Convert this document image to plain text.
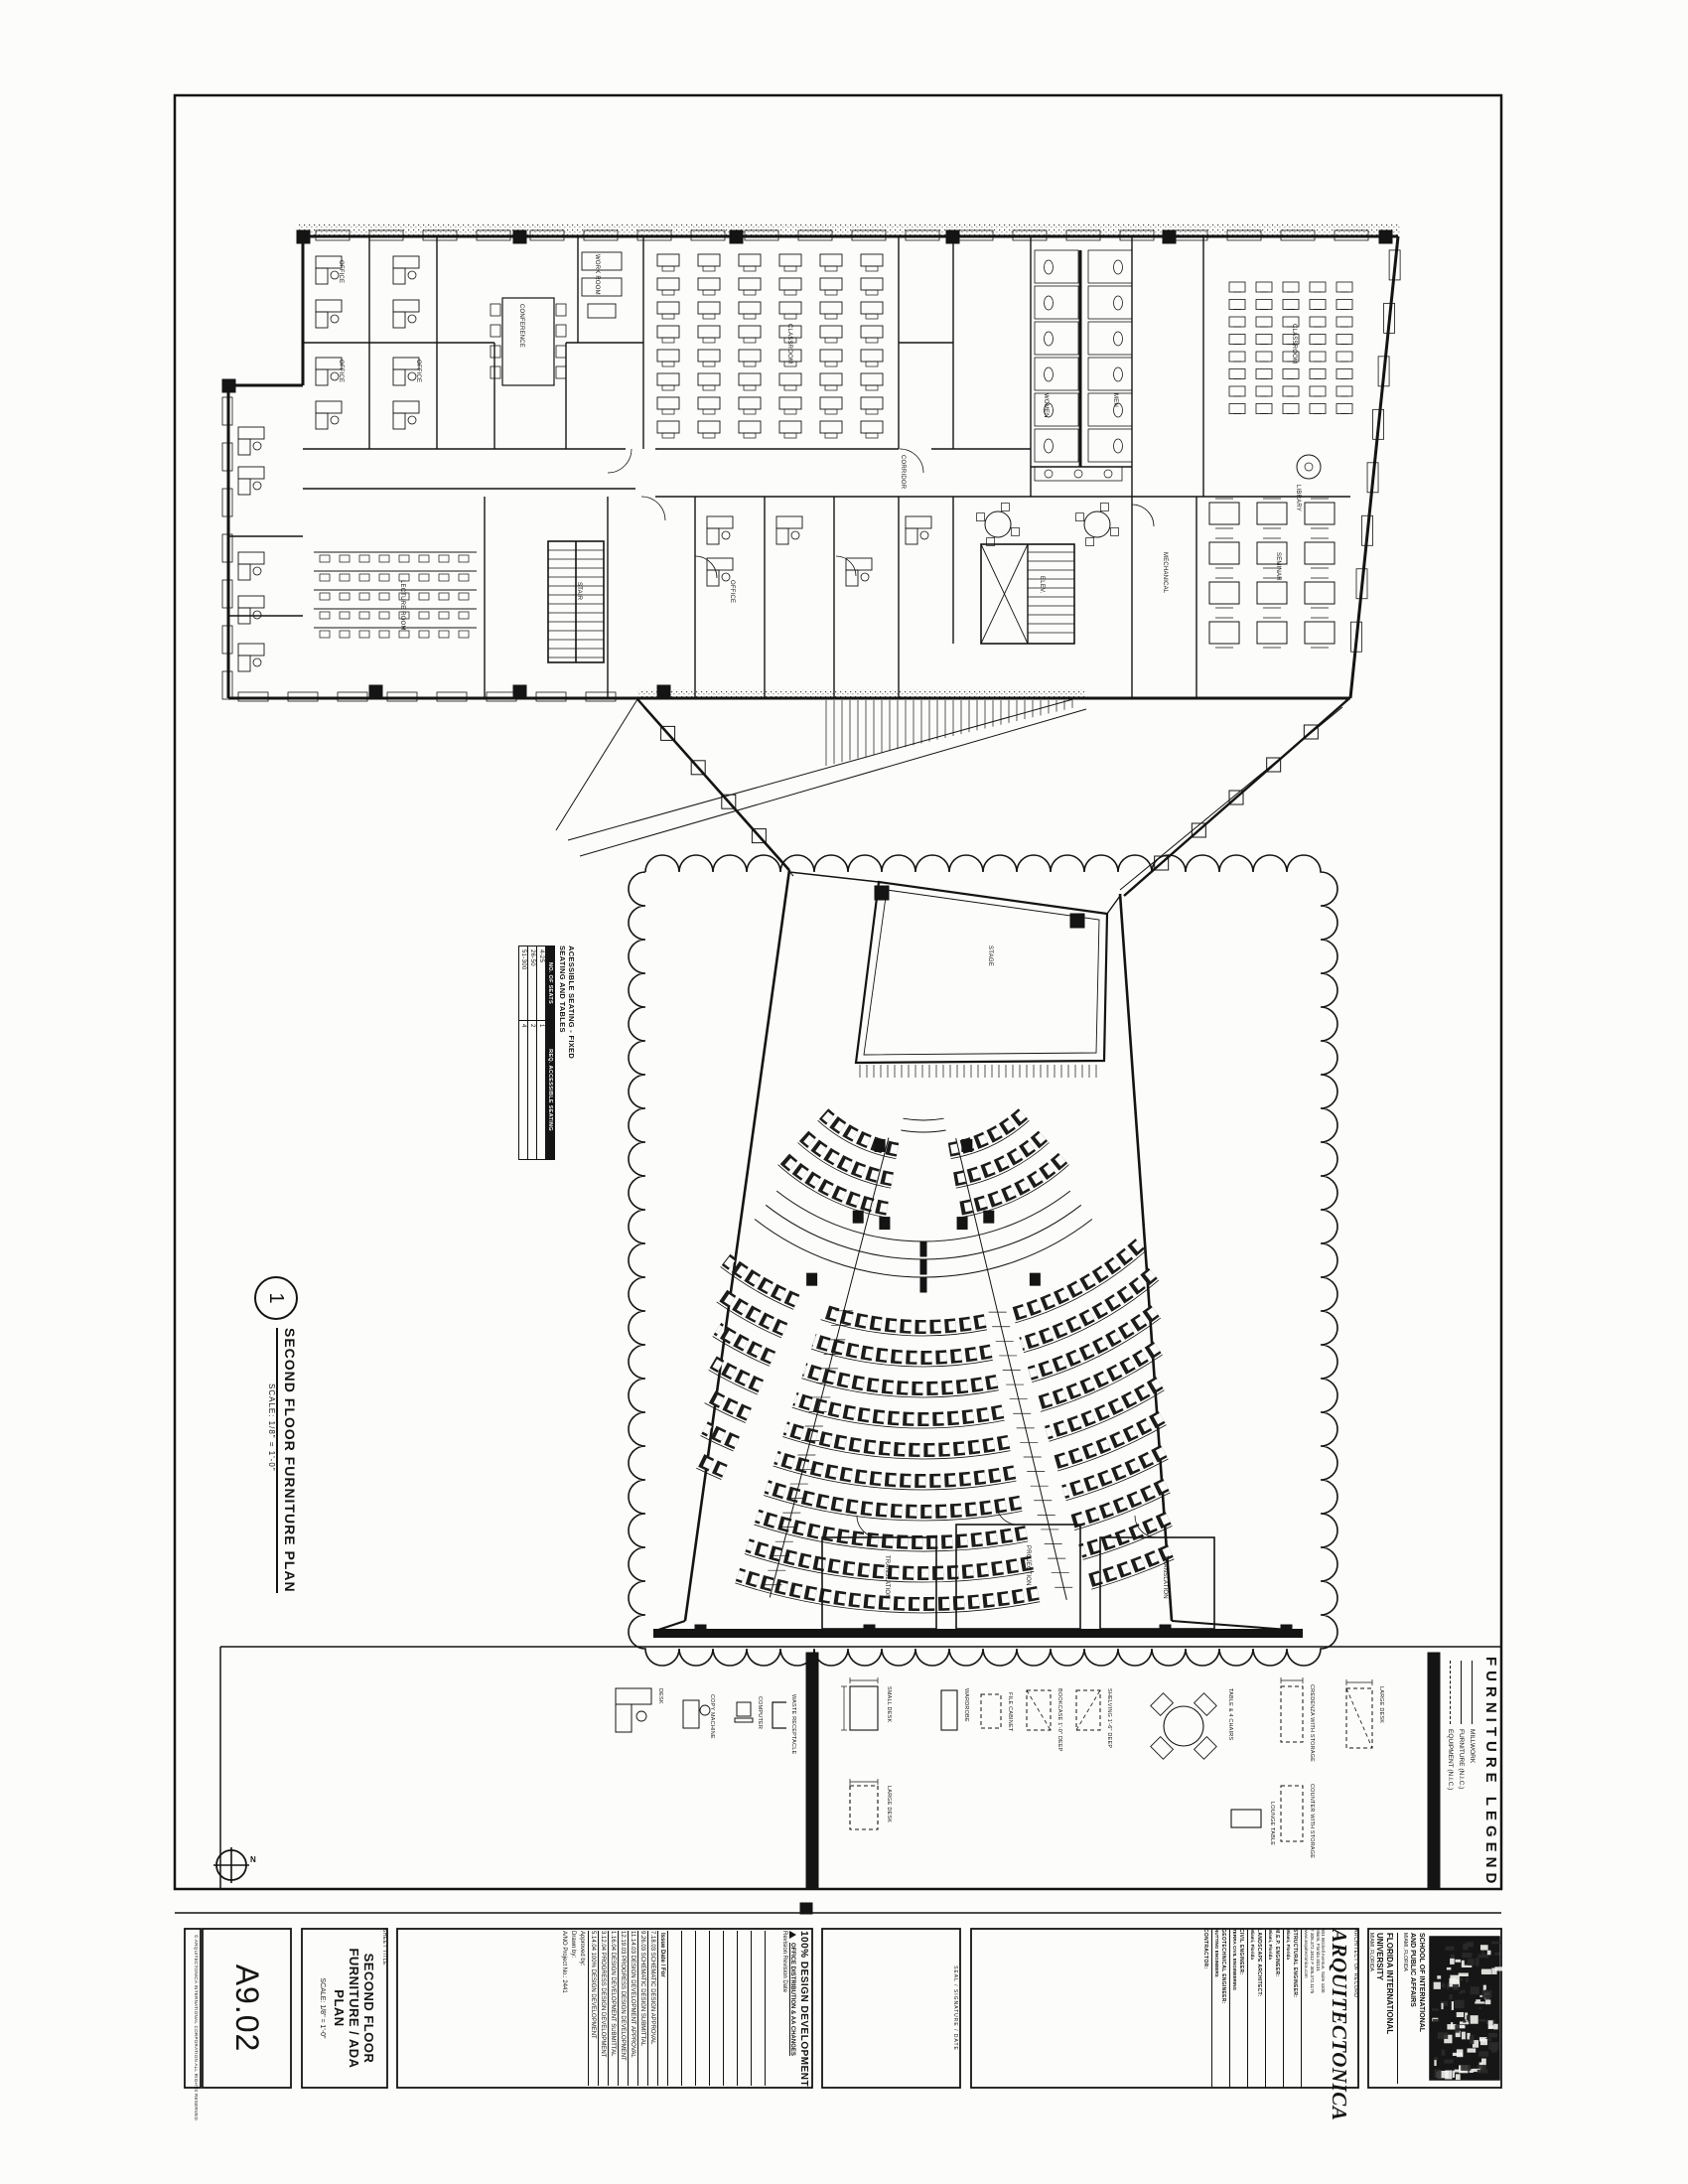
1
SECOND FLOOR FURNITURE PLAN
SCALE: 1/8" = 1'-0"
ACESSIBLE SEATING - FIXED
SEATING AND TABLES
NO. OF SEATS	REQ. ACCESSIBLE SEATING
4-25	1
26-50	2
51-300	4
FURNITURE LEGEND
MILLWORK
FURNITURE (N.I.C.)
EQUIPMENT (N.I.C.)
DESK	COPY MACHINE	COMPUTER	WASTE RECEPTACLE	SMALL DESK
LARGE DESK
WARDROBE	FILE CABINET	BOOKCASE 1'-0" DEEP	SHELVING 1'-6" DEEP	TABLE & 4 CHAIRS
LOUNGE TABLE
CREDENZA WITH STORAGE
COUNTER WITH STORAGE
LARGE DESK
OFFICE
OFFICE
WORK ROOM
OFFICE
CONFERENCE	CLASSROOM
WOMEN	MEN
CLASSROOM
LECTURE ROOM	STAIR	OFFICE	ELEV.	MECHANICAL	SEMINAR
LIBRARY
CORRIDOR
STAGE
TRANSLATION	PROJECTION	TRANSLATION
© ARQUITECTONICA INTERNATIONAL CORPORATION ALL RIGHTS RESERVED A9.02
SHEET TITLE
SECOND FLOOR
FURNITURE / ADA
PLAN
SCALE: 1/8" = 1'-0"	100% DESIGN DEVELOPMENT
OFFICE DISTRIBUTION & AA CHANGES
Revision Revision Date
Issue Date / For
7.18.03 SCHEMATIC DESIGN APPROVAL
9.26.03 SCHEMATIC DESIGN SUBMITTAL
11.14.03 DESIGN DEVELOPMENT APPROVAL
12.19.03 PROGRESS DESIGN DEVELOPMENT
1.16.04 DESIGN DEVELOPMENT SUBMITTAL
3.12.04 PROGRESS DESIGN DEVELOPMENT
5.14.04 100% DESIGN DEVELOPMENT
Approved by:
Drawn by:
A/NO Project No.: 2441
SEAL / SIGNATURE / DATE
ARCHITECT OF RECORD
ARQUITECTONICA
801 Brickell Avenue, Suite 1100
Miami, Florida 33131
T 305.372.1812 F 305.372.1175
www.arquitectonica.com
STRUCTURAL ENGINEER:
Miami, Florida
M.E.P. ENGINEER:
Miami, Florida
LANDSCAPE ARCHITECT:
Miami, Florida
CIVIL ENGINEER:
TERRA CIVIL ENGINEERING
GEOTECHNICAL ENGINEER:
NUTTING ENGINEERS
CONTRACTOR:	SCHOOL OF INTERNATIONAL
AND PUBLIC AFFAIRS
MIAMI, FLORIDA
FLORIDA INTERNATIONAL UNIVERSITY
MIAMI, FLORIDA
N
